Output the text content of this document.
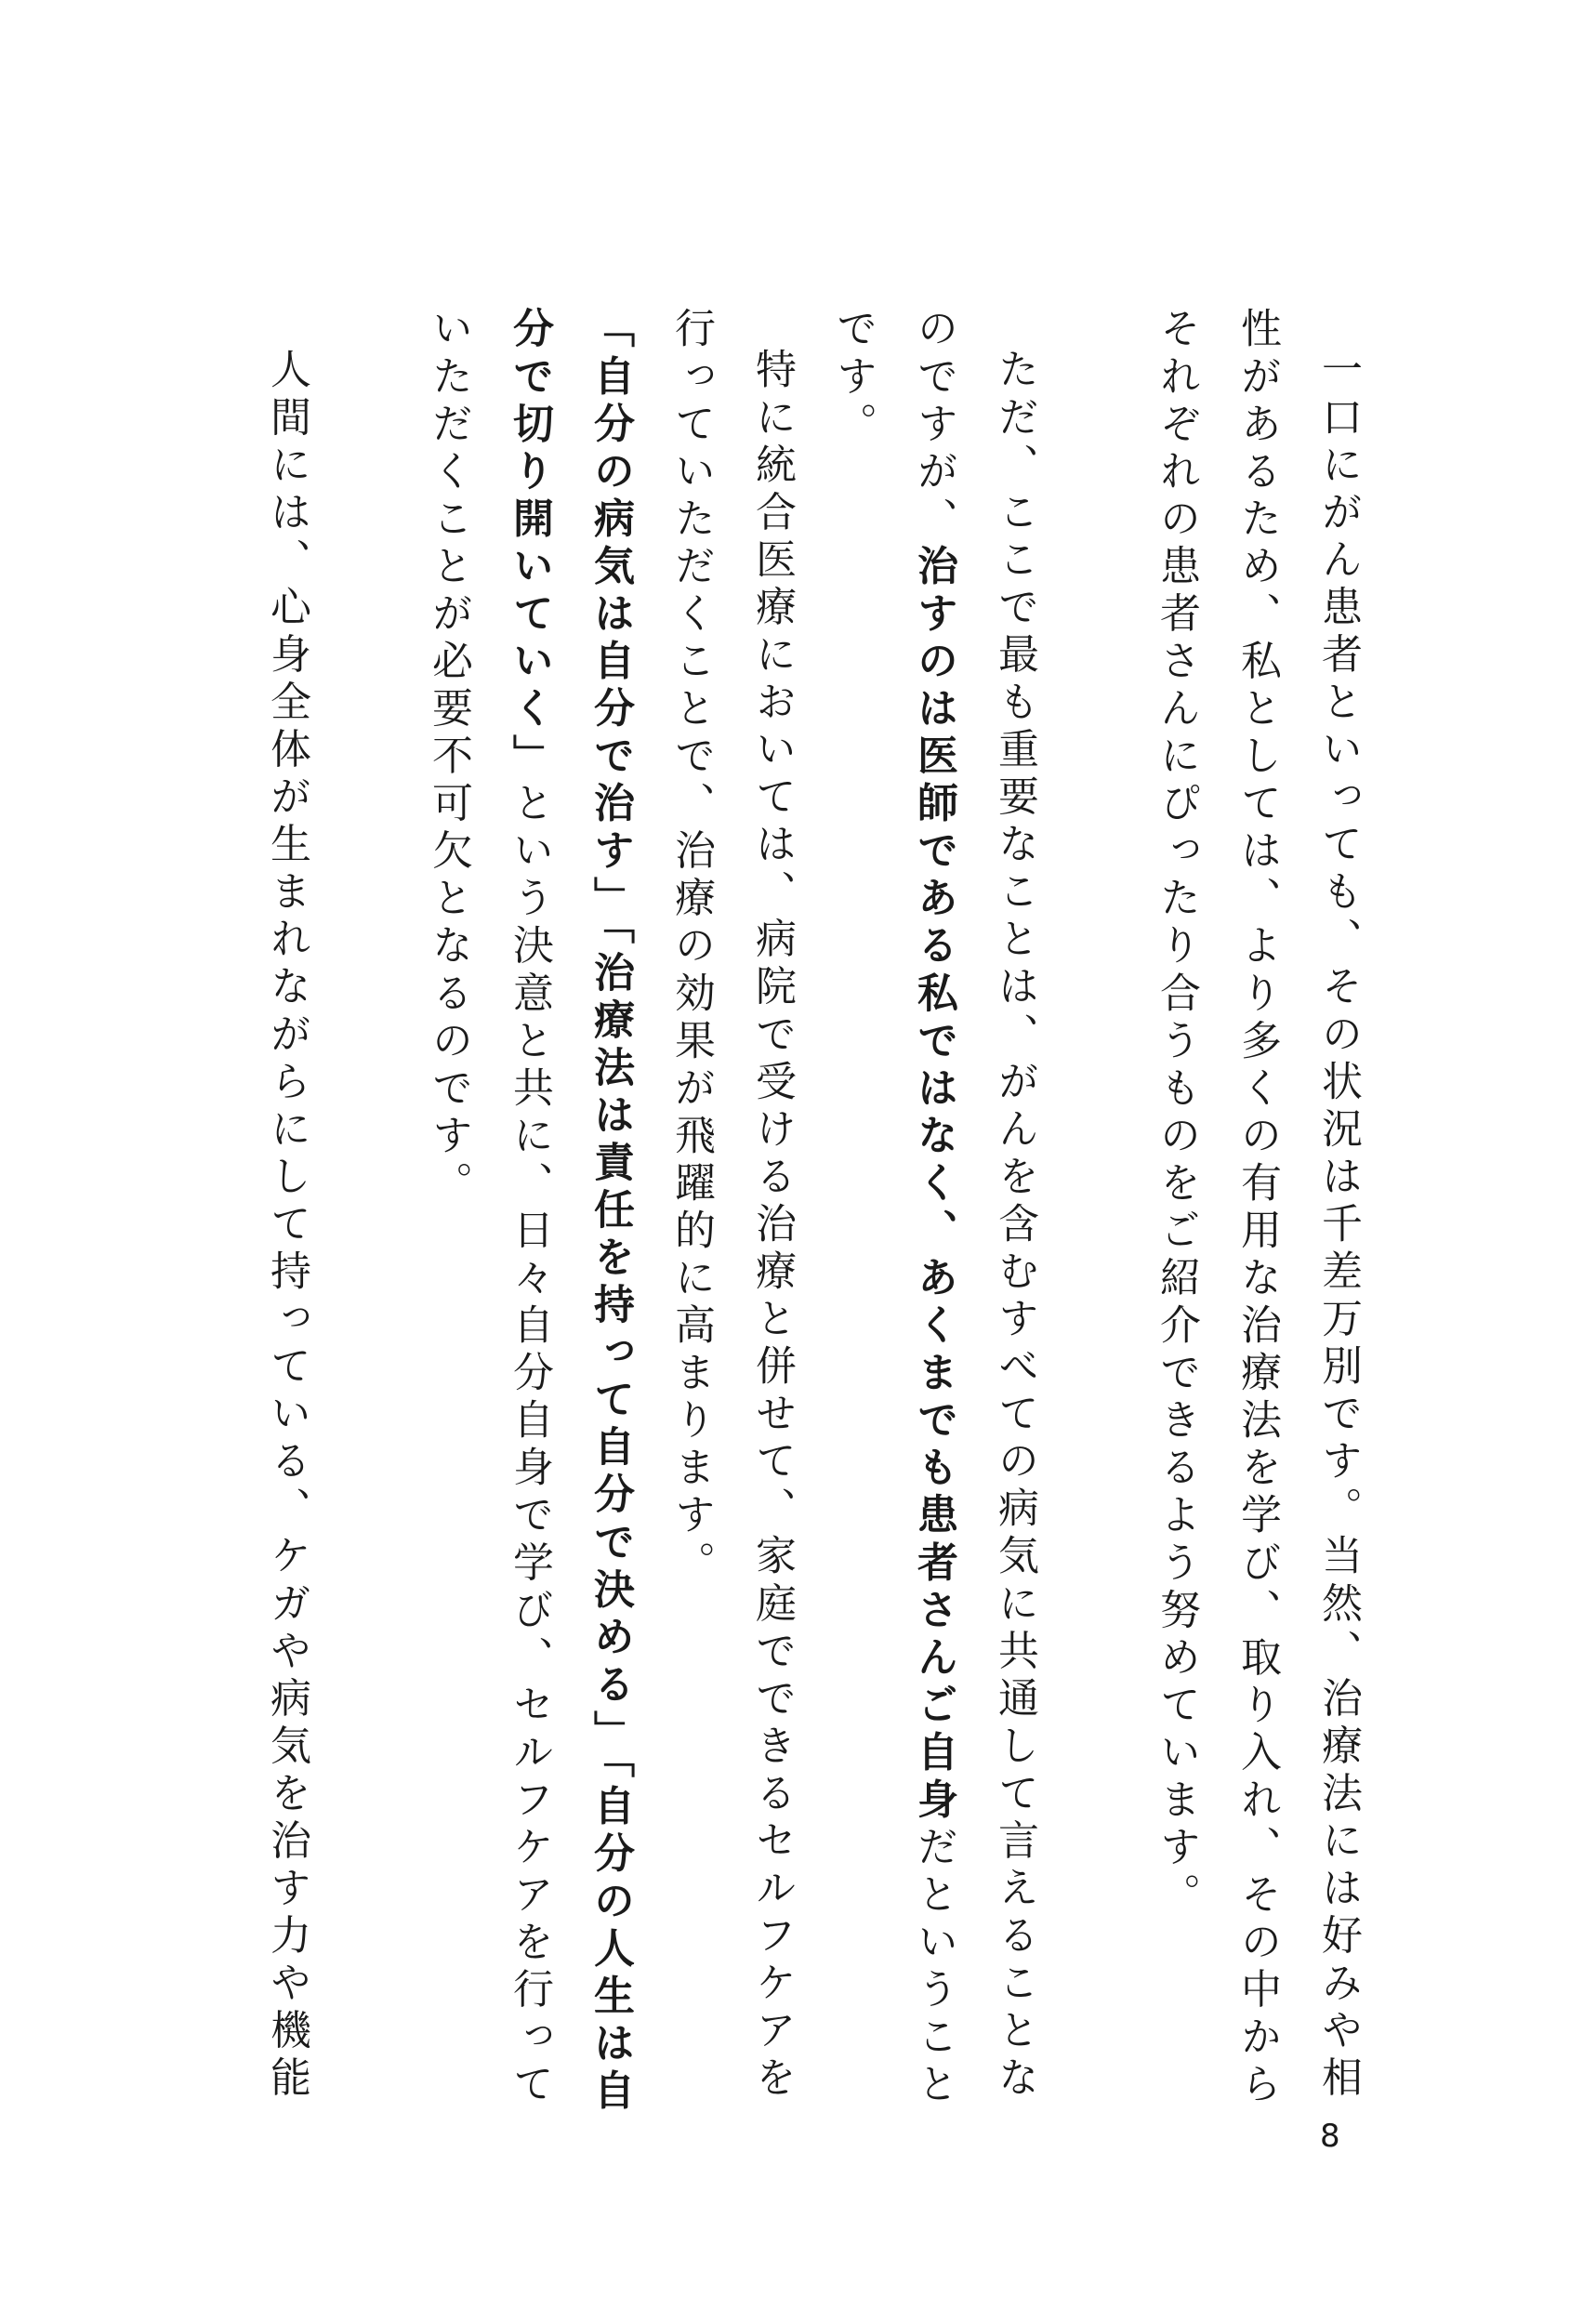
一口にがん患者といっても、その状況は千差万別です。当然、治療法には好みや相性があるため、私としては、より多くの有用な治療法を学び、取り入れ、その中からそれぞれの患者さんにぴったり合うものをご紹介できるよう努めています。

ただ、ここで最も重要なことは、がんを含むすべての病気に共通して言えることなのですが、治すのは医師である私ではなく、あくまでも患者さんご自身だということです。

特に統合医療においては、病院で受ける治療と併せて、家庭でできるセルフケアを行っていただくことで、治療の効果が飛躍的に高まります。

「自分の病気は自分で治す」「治療法は責任を持って自分で決める」「自分の人生は自分で切り開いていく」という決意と共に、日々自分自身で学び、セルフケアを行っていただくことが必要不可欠となるのです。

人間には、心身全体が生まれながらにして持っている、ケガや病気を治す力や機能

8
